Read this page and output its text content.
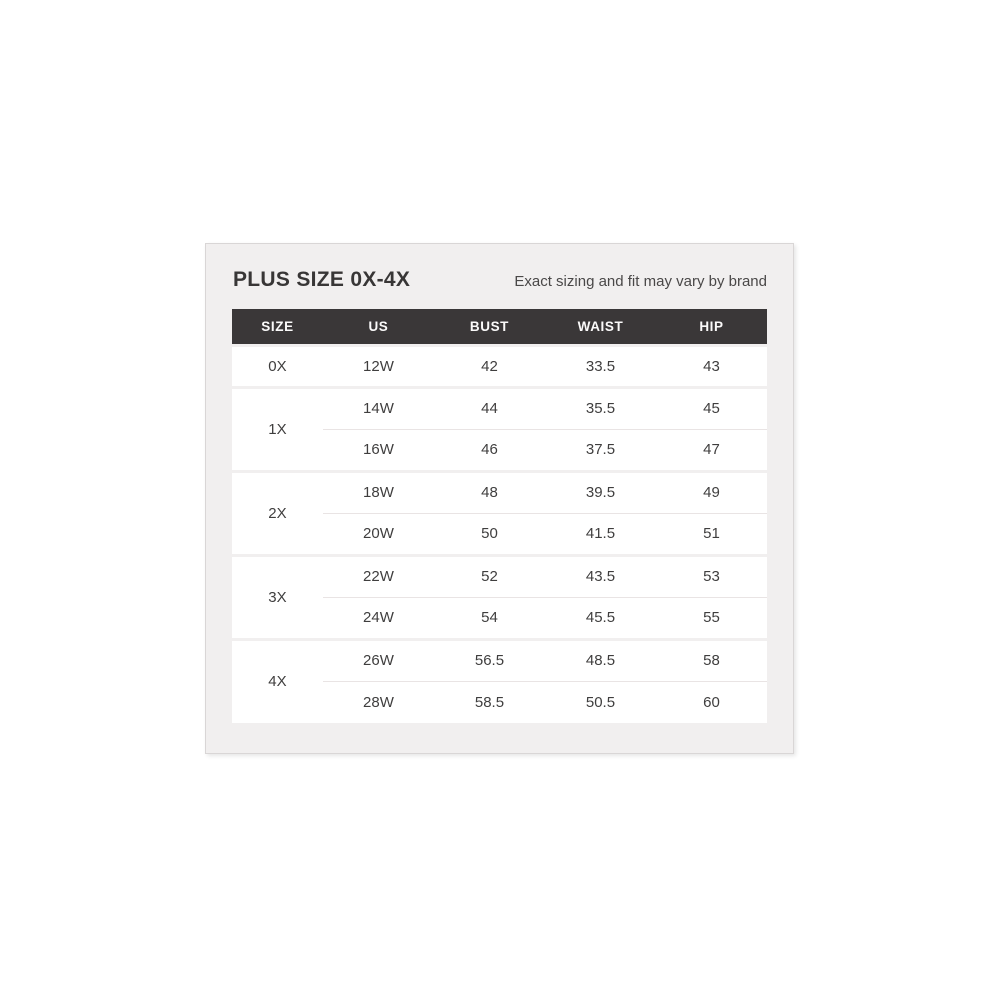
PLUS SIZE 0X-4X	Exact sizing and fit may vary by brand
SIZE	US	BUST	WAIST	HIP
0X	12W	42	33.5	43
1X	14W	44	35.5	45
	16W	46	37.5	47
2X	18W	48	39.5	49
	20W	50	41.5	51
3X	22W	52	43.5	53
	24W	54	45.5	55
4X	26W	56.5	48.5	58
	28W	58.5	50.5	60
